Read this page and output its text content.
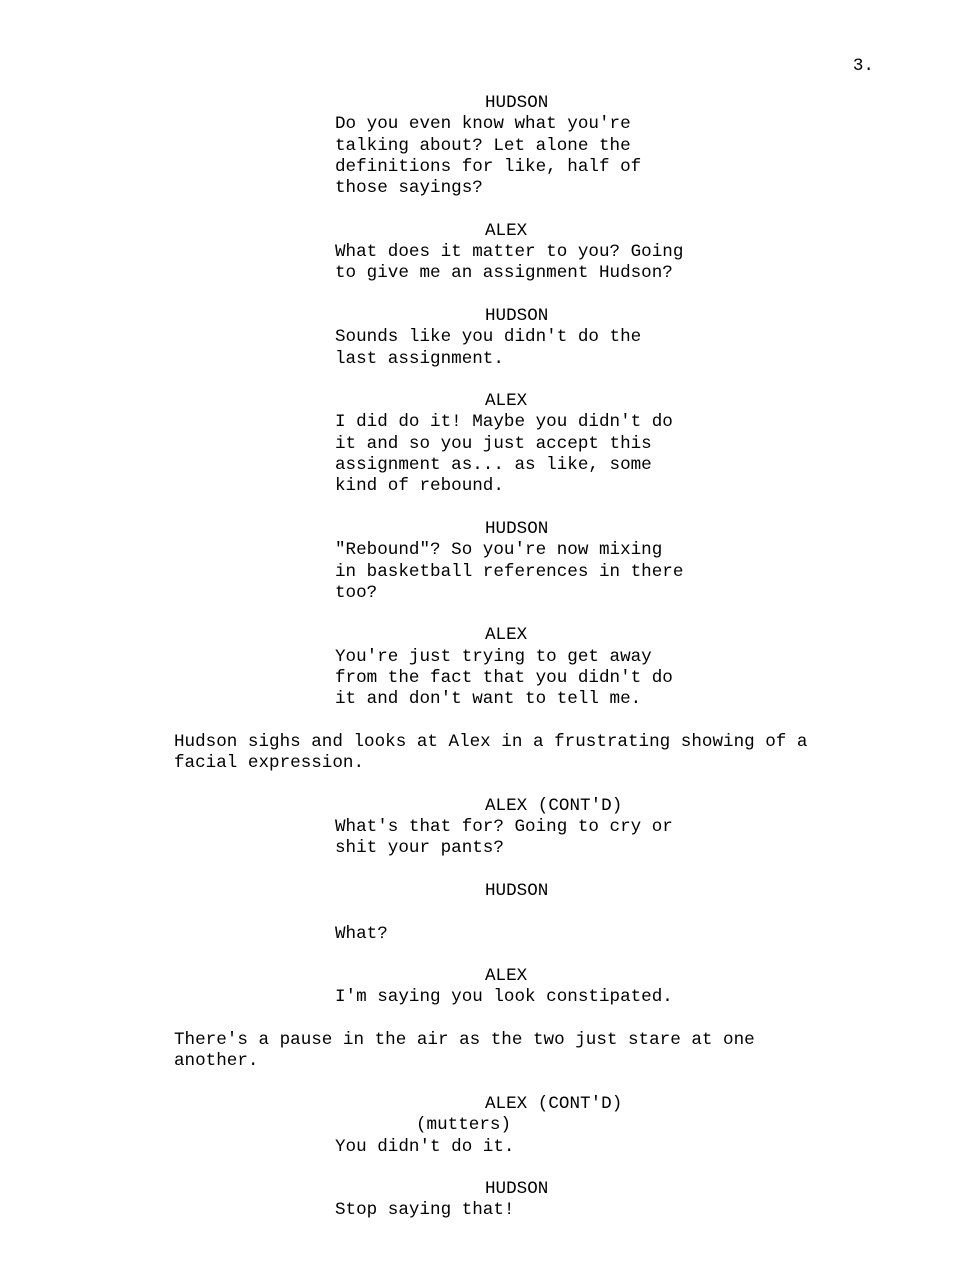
3.
HUDSON
Do you even know what you're
talking about? Let alone the
definitions for like, half of
those sayings?
ALEX
What does it matter to you? Going
to give me an assignment Hudson?
HUDSON
Sounds like you didn't do the
last assignment.
ALEX
I did do it! Maybe you didn't do
it and so you just accept this
assignment as... as like, some
kind of rebound.
HUDSON
"Rebound"? So you're now mixing
in basketball references in there
too?
ALEX
You're just trying to get away
from the fact that you didn't do
it and don't want to tell me.
Hudson sighs and looks at Alex in a frustrating showing of a
facial expression.
ALEX (CONT'D)
What's that for? Going to cry or
shit your pants?
HUDSON
What?
ALEX
I'm saying you look constipated.
There's a pause in the air as the two just stare at one
another.
ALEX (CONT'D)
(mutters)
You didn't do it.
HUDSON
Stop saying that!
